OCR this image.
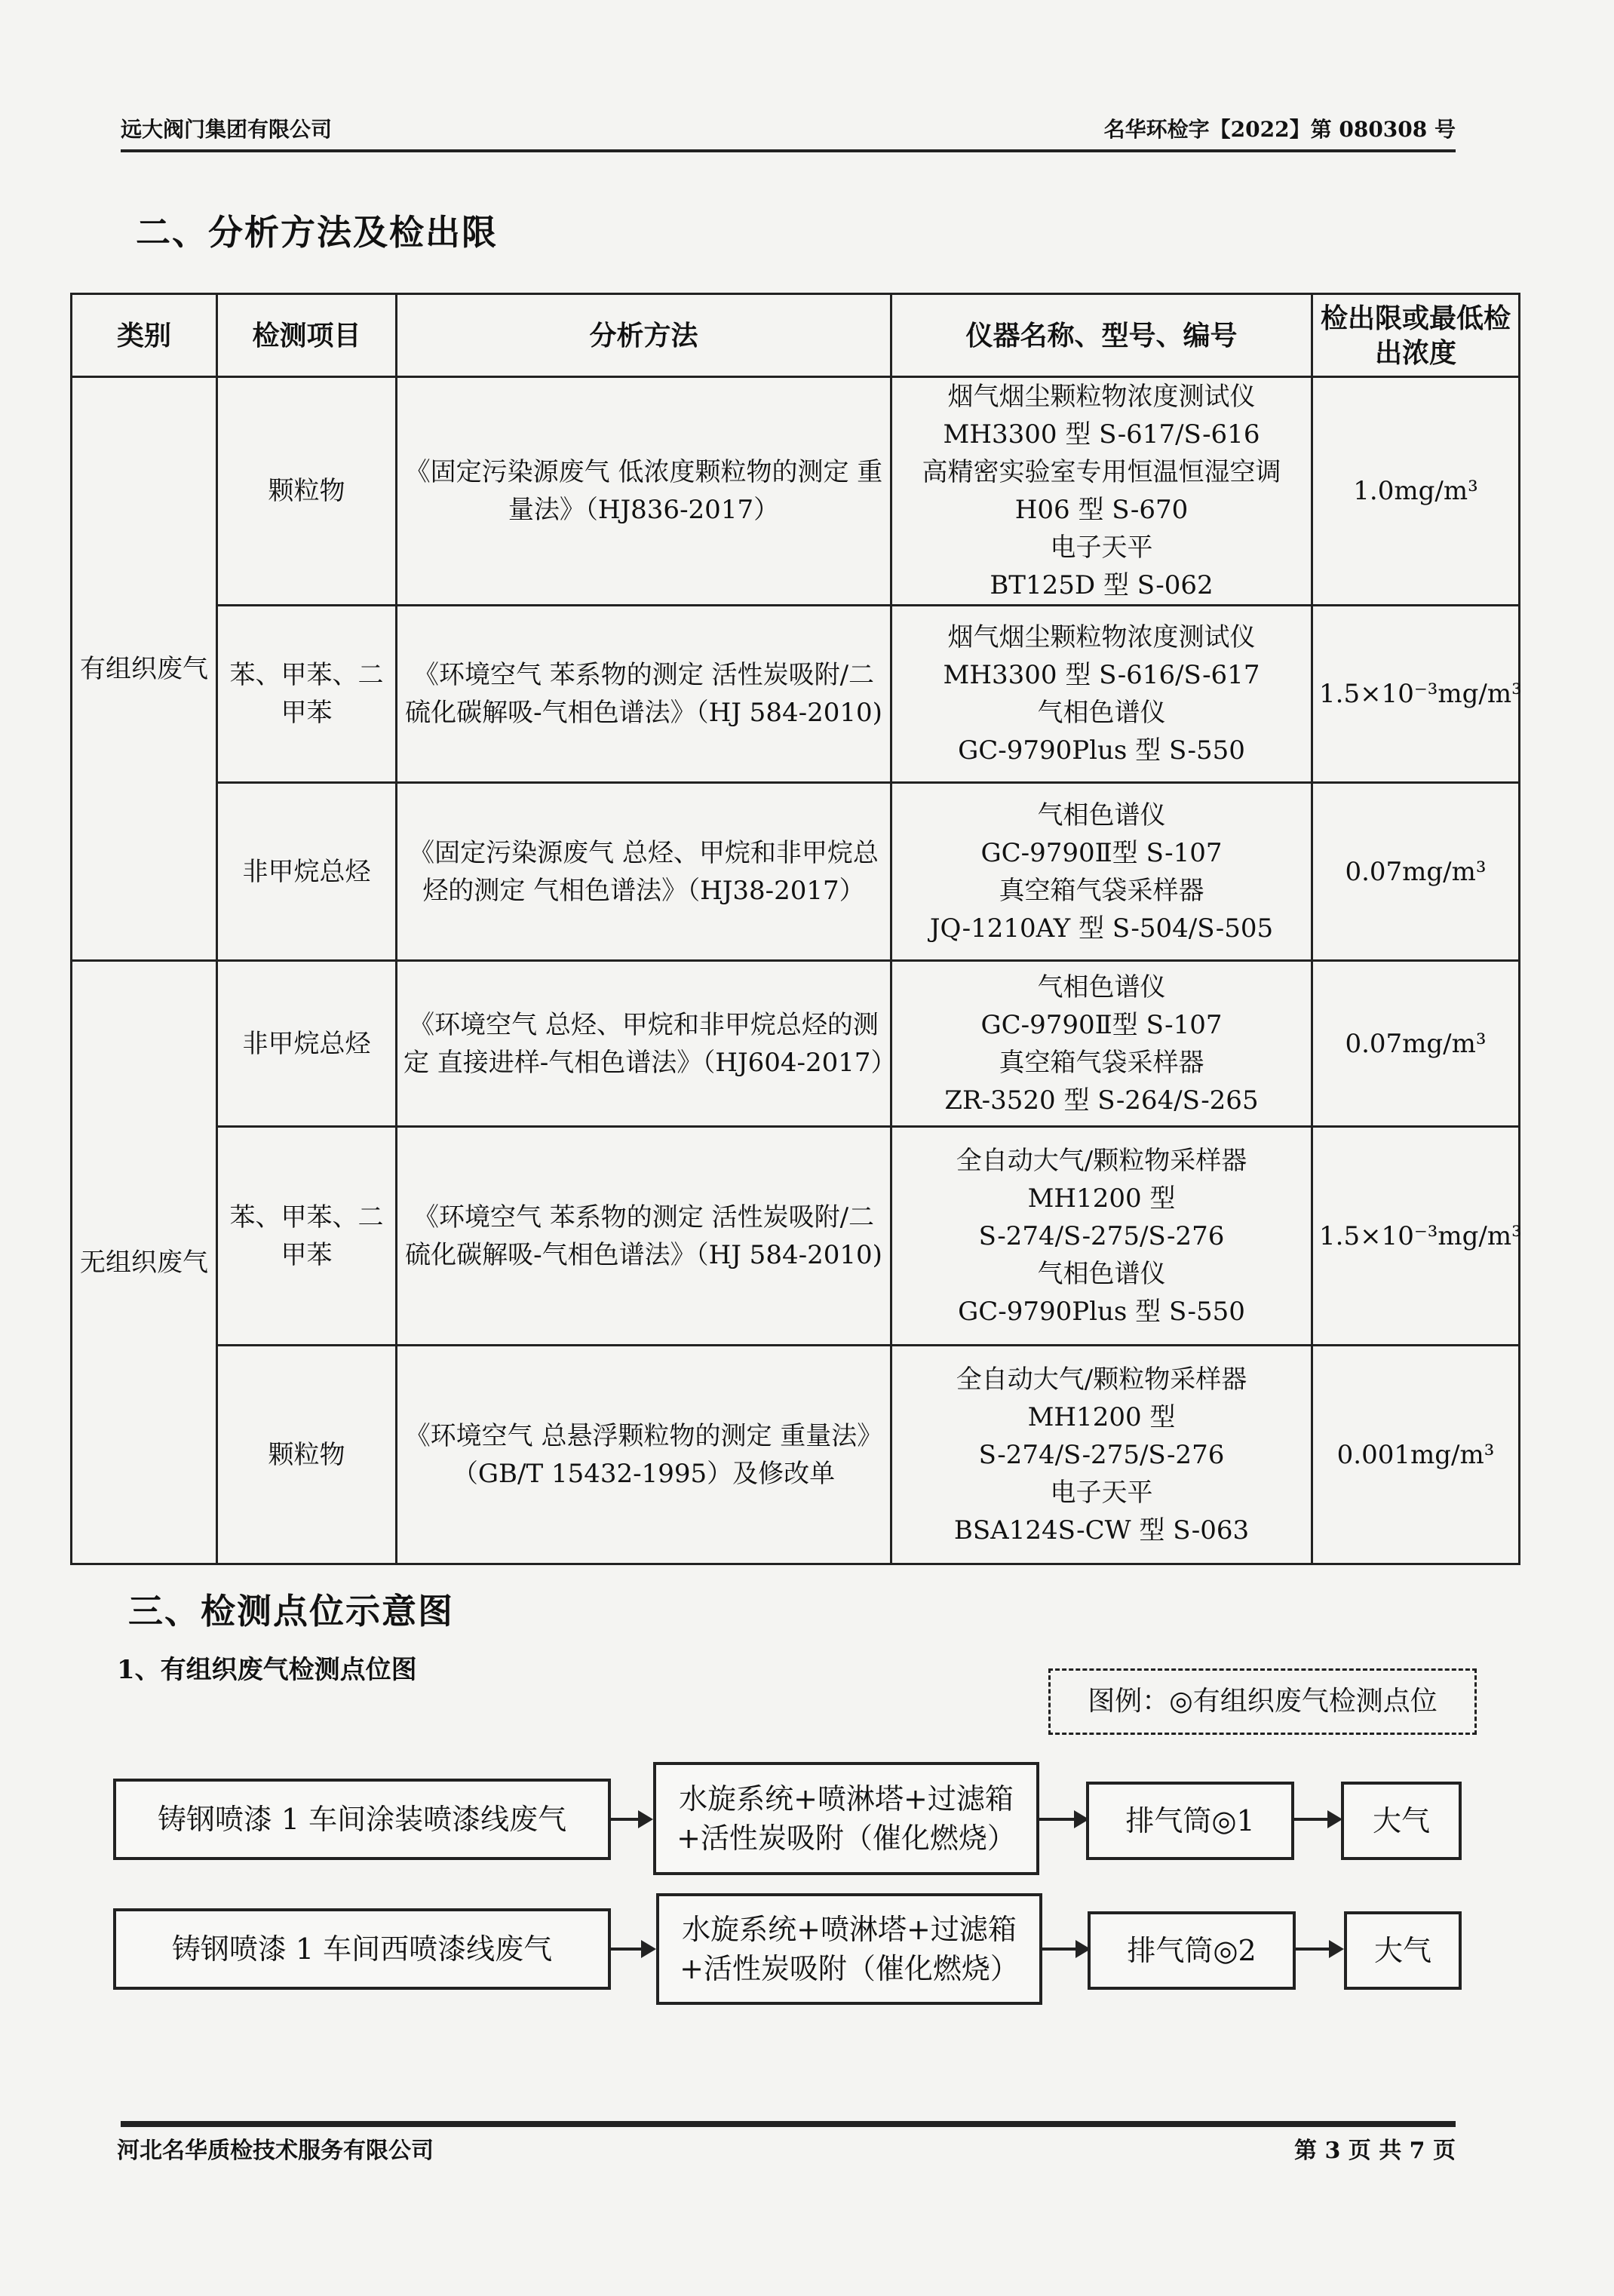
远大阀门集团有限公司	名华环检字【2022】第 080308 号
二、分析方法及检出限
类别	检测项目	分析方法	仪器名称、型号、编号	检出限或最低检出浓度
有组织废气	颗粒物	《固定污染源废气 低浓度颗粒物的测定 重量法》（HJ836-2017）	烟气烟尘颗粒物浓度测试仪
MH3300 型 S-617/S-616
高精密实验室专用恒温恒湿空调 H06 型 S-670
电子天平
BT125D 型 S-062	1.0mg/m³
	苯、甲苯、二甲苯	《环境空气 苯系物的测定 活性炭吸附/二硫化碳解吸-气相色谱法》（HJ 584-2010)	烟气烟尘颗粒物浓度测试仪
MH3300 型 S-616/S-617
气相色谱仪
GC-9790Plus 型 S-550	1.5×10⁻³mg/m³
	非甲烷总烃	《固定污染源废气 总烃、甲烷和非甲烷总烃的测定 气相色谱法》（HJ38-2017）	气相色谱仪
GC-9790Ⅱ型 S-107
真空箱气袋采样器
JQ-1210AY 型 S-504/S-505	0.07mg/m³
无组织废气	非甲烷总烃	《环境空气 总烃、甲烷和非甲烷总烃的测定 直接进样-气相色谱法》（HJ604-2017）	气相色谱仪
GC-9790Ⅱ型 S-107
真空箱气袋采样器
ZR-3520 型 S-264/S-265	0.07mg/m³
	苯、甲苯、二甲苯	《环境空气 苯系物的测定 活性炭吸附/二硫化碳解吸-气相色谱法》（HJ 584-2010)	全自动大气/颗粒物采样器
MH1200 型
S-274/S-275/S-276
气相色谱仪
GC-9790Plus 型 S-550	1.5×10⁻³mg/m³
	颗粒物	《环境空气 总悬浮颗粒物的测定 重量法》（GB/T 15432-1995）及修改单	全自动大气/颗粒物采样器
MH1200 型
S-274/S-275/S-276
电子天平
BSA124S-CW 型 S-063	0.001mg/m³
三、检测点位示意图
1、有组织废气检测点位图
图例：◎有组织废气检测点位
铸钢喷漆 1 车间涂装喷漆线废气
水旋系统+喷淋塔+过滤箱+活性炭吸附（催化燃烧）
排气筒◎1	大气
铸钢喷漆 1 车间西喷漆线废气
水旋系统+喷淋塔+过滤箱+活性炭吸附（催化燃烧）
排气筒◎2	大气
河北名华质检技术服务有限公司	第 3 页 共 7 页
